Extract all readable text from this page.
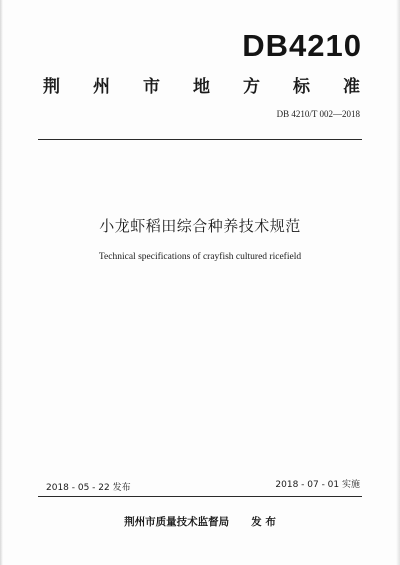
DB4210
荆 州 市 地 方 标 准
DB 4210/T 002—2018
小龙虾稻田综合种养技术规范
Technical specifications of crayfish cultured ricefield
2018 - 05 - 22 发布	2018 - 07 - 01 实施
荆州市质量技术监督局 发 布
